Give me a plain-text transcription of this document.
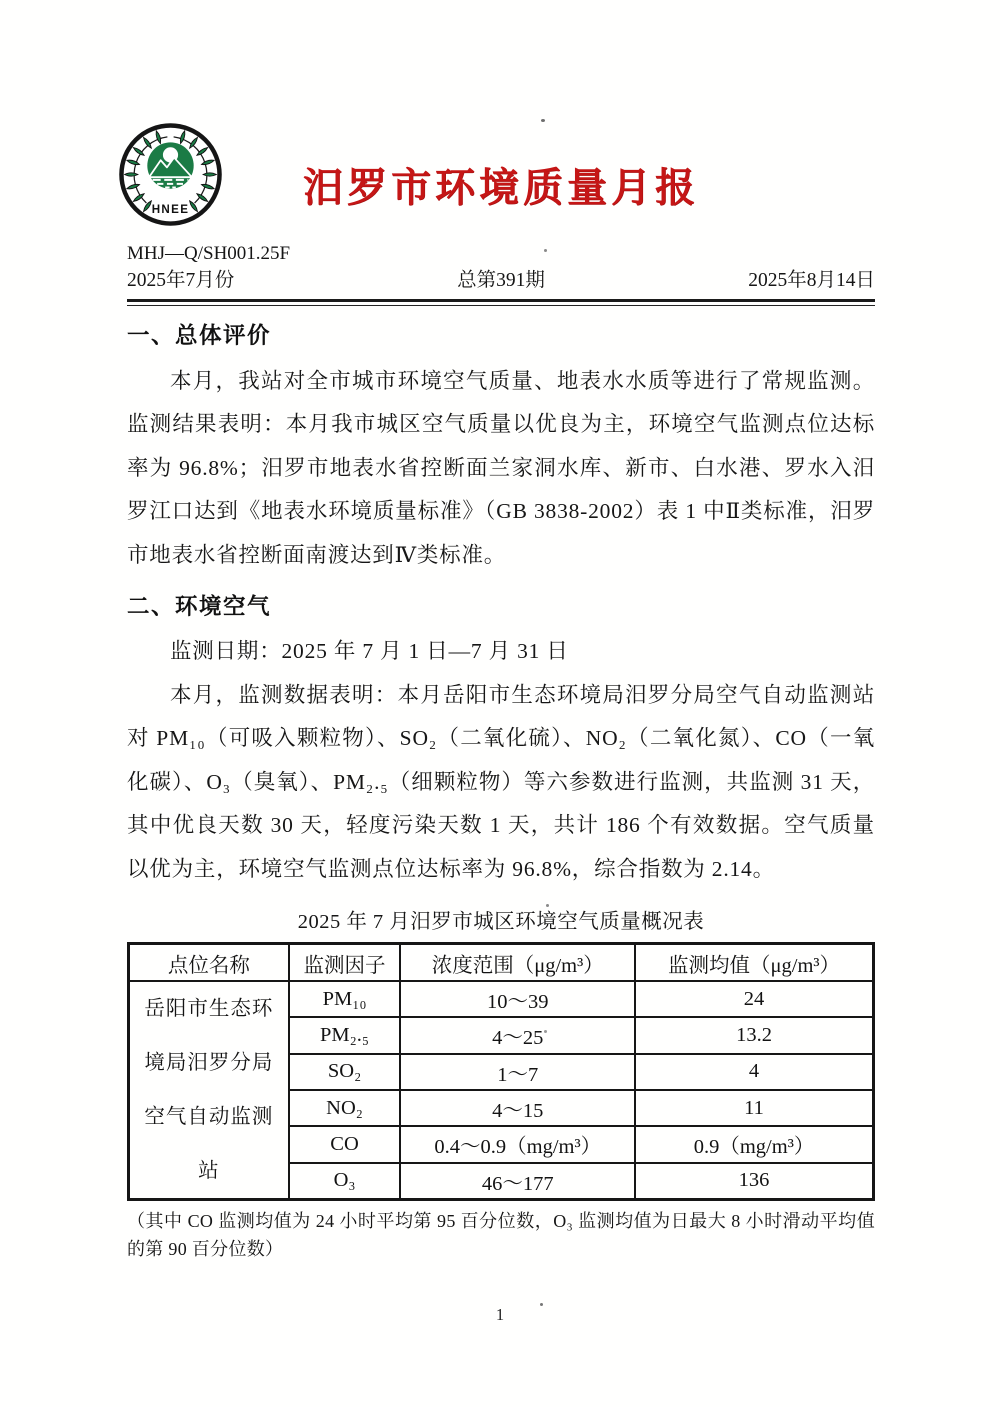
HNEE	汨罗市环境质量月报
MHJ—Q/SH001.25F
2025年7月份	总第391期	2025年8月14日
一、总体评价

本月，我站对全市城市环境空气质量、地表水水质等进行了常规监测。监测结果表明：本月我市城区空气质量以优良为主，环境空气监测点位达标率为 96.8%；汨罗市地表水省控断面兰家洞水库、新市、白水港、罗水入汨罗江口达到《地表水环境质量标准》（GB 3838-2002）表 1 中Ⅱ类标准，汨罗市地表水省控断面南渡达到Ⅳ类标准。

二、环境空气

监测日期：2025 年 7 月 1 日—7 月 31 日

本月，监测数据表明：本月岳阳市生态环境局汨罗分局空气自动监测站对 PM₁₀（可吸入颗粒物）、SO₂（二氧化硫）、NO₂（二氧化氮）、CO（一氧化碳）、O₃（臭氧）、PM₂.₅（细颗粒物）等六参数进行监测，共监测 31 天，其中优良天数 30 天，轻度污染天数 1 天，共计 186 个有效数据。空气质量以优为主，环境空气监测点位达标率为 96.8%，综合指数为 2.14。

2025 年 7 月汨罗市城区环境空气质量概况表
点位名称	监测因子	浓度范围（μg/m³）	监测均值（μg/m³）
岳阳市生态环境局汨罗分局空气自动监测站	PM₁₀	10～39	24
	PM₂.₅	4～25	13.2
	SO₂	1～7	4
	NO₂	4～15	11
	CO	0.4～0.9（mg/m³）	0.9（mg/m³）
	O₃	46～177	136
（其中 CO 监测均值为 24 小时平均第 95 百分位数，O₃ 监测均值为日最大 8 小时滑动平均值的第 90 百分位数）
1
